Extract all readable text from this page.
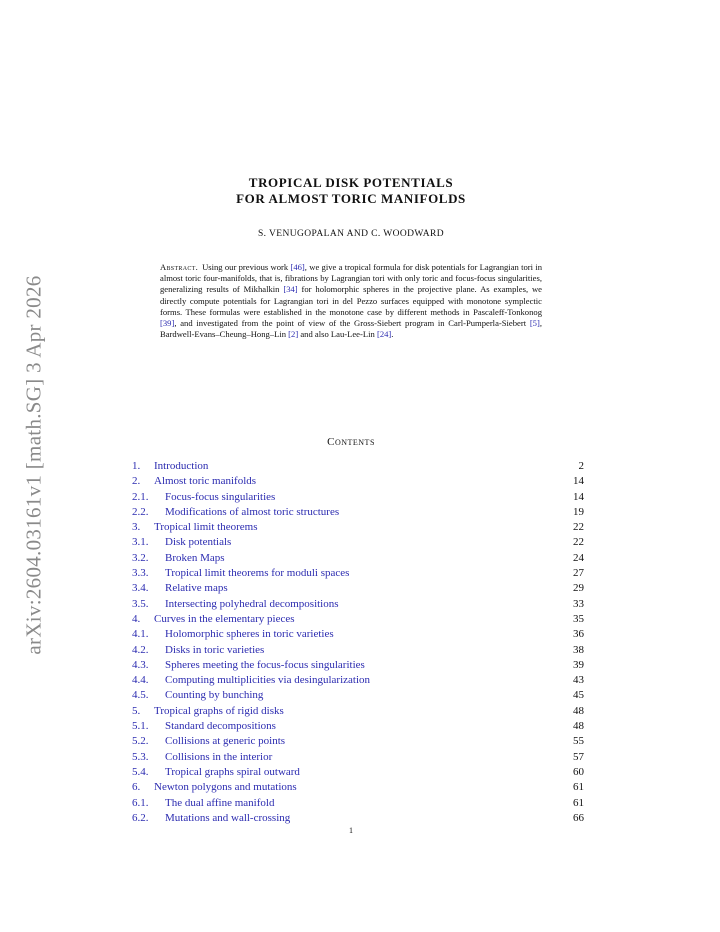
arXiv:2604.03161v1 [math.SG] 3 Apr 2026
TROPICAL DISK POTENTIALS
FOR ALMOST TORIC MANIFOLDS
S. VENUGOPALAN AND C. WOODWARD
Abstract. Using our previous work [46], we give a tropical formula for disk potentials for Lagrangian tori in almost toric four-manifolds, that is, fibrations by Lagrangian tori with only toric and focus-focus singularities, generalizing results of Mikhalkin [34] for holomorphic spheres in the projective plane. As examples, we directly compute potentials for Lagrangian tori in del Pezzo surfaces equipped with monotone symplectic forms. These formulas were established in the monotone case by different methods in Pascaleff-Tonkonog [39], and investigated from the point of view of the Gross-Siebert program in Carl-Pumperla-Siebert [5], Bardwell-Evans–Cheung–Hong–Lin [2] and also Lau-Lee-Lin [24].
Contents
1. Introduction	2
2. Almost toric manifolds	14
2.1. Focus-focus singularities	14
2.2. Modifications of almost toric structures	19
3. Tropical limit theorems	22
3.1. Disk potentials	22
3.2. Broken Maps	24
3.3. Tropical limit theorems for moduli spaces	27
3.4. Relative maps	29
3.5. Intersecting polyhedral decompositions	33
4. Curves in the elementary pieces	35
4.1. Holomorphic spheres in toric varieties	36
4.2. Disks in toric varieties	38
4.3. Spheres meeting the focus-focus singularities	39
4.4. Computing multiplicities via desingularization	43
4.5. Counting by bunching	45
5. Tropical graphs of rigid disks	48
5.1. Standard decompositions	48
5.2. Collisions at generic points	55
5.3. Collisions in the interior	57
5.4. Tropical graphs spiral outward	60
6. Newton polygons and mutations	61
6.1. The dual affine manifold	61
6.2. Mutations and wall-crossing	66
1
